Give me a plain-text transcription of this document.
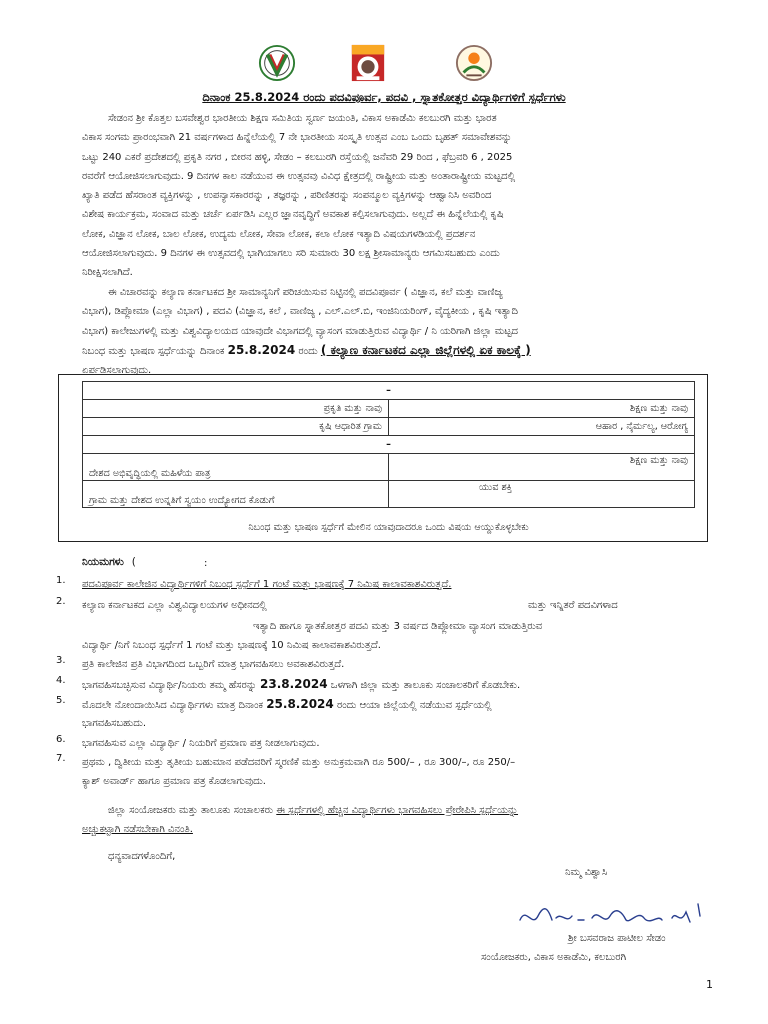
ದಿನಾಂಕ 25.8.2024 ರಂದು ಪದವಿಪೂರ್ವ, ಪದವಿ , ಸ್ನಾತಕೋತ್ತರ ವಿದ್ಯಾರ್ಥಿಗಳಿಗೆ ಸ್ಪರ್ಧೆಗಳು
ಸೇಡಂನ ಶ್ರೀ ಕೊತ್ತಲ ಬಸವೇಶ್ವರ ಭಾರತೀಯ ಶಿಕ್ಷಣ ಸಮಿತಿಯ ಸ್ವರ್ಣ ಜಯಂತಿ, ವಿಕಾಸ ಅಕಾಡೆಮಿ ಕಲಬುರಗಿ ಮತ್ತು ಭಾರತ
ವಿಕಾಸ ಸಂಗಮ ಪ್ರಾರಂಭವಾಗಿ 21 ವರ್ಷಗಳಾದ ಹಿನ್ನೆಲೆಯಲ್ಲಿ 7 ನೇ ಭಾರತೀಯ ಸಂಸ್ಕೃತಿ ಉತ್ಸವ ಎಂಬ ಒಂದು ಬೃಹತ್ ಸಮಾವೇಶವನ್ನು
ಒಟ್ಟು 240 ಎಕರೆ ಪ್ರದೇಶದಲ್ಲಿ ಪ್ರಕೃತಿ ನಗರ , ಬೀರನ ಹಳ್ಳಿ, ಸೇಡಂ – ಕಲಬುರಗಿ ರಸ್ತೆಯಲ್ಲಿ ಜನೆವರಿ 29 ರಿಂದ , ಫೆಬ್ರವರಿ 6 , 2025
ರವರೆಗೆ ಆಯೋಜಿಸಲಾಗುವುದು. 9 ದಿನಗಳ ಕಾಲ ನಡೆಯುವ ಈ ಉತ್ಸವವು ವಿವಿಧ ಕ್ಷೇತ್ರದಲ್ಲಿ ರಾಷ್ಟ್ರೀಯ ಮತ್ತು ಅಂತಾರಾಷ್ಟ್ರೀಯ ಮಟ್ಟದಲ್ಲಿ
ಖ್ಯಾತಿ ಪಡೆದ ಹೆಸರಾಂತ ವ್ಯಕ್ತಿಗಳನ್ನು , ಉಪನ್ಯಾಸಕಾರರನ್ನು , ತಜ್ಞರನ್ನು , ಪರಿಣಿತರನ್ನು ಸಂಪನ್ಮೂಲ ವ್ಯಕ್ತಿಗಳನ್ನು ಆಹ್ವಾನಿಸಿ ಅವರಿಂದ
ವಿಶೇಷ ಕಾರ್ಯಕ್ರಮ, ಸಂವಾದ ಮತ್ತು ಚರ್ಚೆ ಏರ್ಪಡಿಸಿ ಎಲ್ಲರ ಜ್ಞಾನವೃದ್ಧಿಗೆ ಅವಕಾಶ ಕಲ್ಪಿಸಲಾಗುವುದು. ಅಲ್ಲದೆ ಈ ಹಿನ್ನೆಲೆಯಲ್ಲಿ ಕೃಷಿ
ಲೋಕ, ವಿಜ್ಞಾನ ಲೋಕ, ಬಾಲ ಲೋಕ, ಉದ್ಯಮ ಲೋಕ, ಸೇವಾ ಲೋಕ, ಕಲಾ ಲೋಕ ಇತ್ಯಾದಿ ವಿಷಯಗಳಡಿಯಲ್ಲಿ ಪ್ರದರ್ಶನ
ಆಯೋಜಿಸಲಾಗುವುದು. 9 ದಿನಗಳ ಈ ಉತ್ಸವದಲ್ಲಿ ಭಾಗಿಯಾಗಲು ಸರಿ ಸುಮಾರು 30 ಲಕ್ಷ ಶ್ರೀಸಾಮಾನ್ಯರು ಆಗಮಿಸಬಹುದು ಎಂದು
ನಿರೀಕ್ಷಿಸಲಾಗಿದೆ.
ಈ ವಿಚಾರವನ್ನು ಕಲ್ಯಾಣ ಕರ್ನಾಟಕದ ಶ್ರೀ ಸಾಮಾನ್ಯನಿಗೆ ಪರಿಚಯಿಸುವ ನಿಟ್ಟಿನಲ್ಲಿ ಪದವಿಪೂರ್ವ ( ವಿಜ್ಞಾನ, ಕಲೆ ಮತ್ತು ವಾಣಿಜ್ಯ
ವಿಭಾಗ), ಡಿಪ್ಲೋಮಾ (ಎಲ್ಲಾ ವಿಭಾಗ) , ಪದವಿ (ವಿಜ್ಞಾನ, ಕಲೆ , ವಾಣಿಜ್ಯ , ಎಲ್.ಎಲ್.ಬಿ, ಇಂಜಿನಿಯರಿಂಗ್, ವೈದ್ಯಕೀಯ , ಕೃಷಿ ಇತ್ಯಾದಿ
ವಿಭಾಗ) ಕಾಲೇಜುಗಳಲ್ಲಿ ಮತ್ತು ವಿಶ್ವವಿದ್ಯಾಲಯದ ಯಾವುದೇ ವಿಭಾಗದಲ್ಲಿ ವ್ಯಾಸಂಗ ಮಾಡುತ್ತಿರುವ ವಿದ್ಯಾರ್ಥಿ / ನಿ ಯರಿಗಾಗಿ ಜಿಲ್ಲಾ ಮಟ್ಟದ
ನಿಬಂಧ ಮತ್ತು ಭಾಷಣ ಸ್ಪರ್ಧೆಯನ್ನು ದಿನಾಂಕ 25.8.2024 ರಂದು ( ಕಲ್ಯಾಣ ಕರ್ನಾಟಕದ ಎಲ್ಲಾ ಜಿಲ್ಲೆಗಳಲ್ಲಿ ಏಕ ಕಾಲಕ್ಕೆ )
ಏರ್ಪಡಿಸಲಾಗುವುದು.
–	
ಪ್ರಕೃತಿ ಮತ್ತು ನಾವು	ಶಿಕ್ಷಣ ಮತ್ತು ನಾವು
ಕೃಷಿ ಆಧಾರಿತ ಗ್ರಾಮ	ಆಹಾರ , ನೈರ್ಮಲ್ಯ, ಆರೋಗ್ಯ
–	
ದೇಶದ ಅಭಿವೃದ್ಧಿಯಲ್ಲಿ ಮಹಿಳೆಯ ಪಾತ್ರ	ಶಿಕ್ಷಣ ಮತ್ತು ನಾವು
ಗ್ರಾಮ ಮತ್ತು ದೇಶದ ಉನ್ನತಿಗೆ ಸ್ವಯಂ ಉದ್ಯೋಗದ ಕೊಡುಗೆ	ಯುವ ಶಕ್ತಿ
ನಿಬಂಧ ಮತ್ತು ಭಾಷಣ ಸ್ಪರ್ಧೆಗೆ ಮೇಲಿನ ಯಾವುದಾದರೂ ಒಂದು ವಿಷಯ ಆಯ್ದುಕೊಳ್ಳಬೇಕು
ನಿಯಮಗಳು (	:
1. ಪದವಿಪೂರ್ವ ಕಾಲೇಜಿನ ವಿದ್ಯಾರ್ಥಿಗಳಿಗೆ ನಿಬಂಧ ಸ್ಪರ್ಧೆಗೆ 1 ಗಂಟೆ ಮತ್ತು ಭಾಷಣಕ್ಕೆ 7 ನಿಮಿಷ ಕಾಲಾವಕಾಶವಿರುತ್ತದೆ.
2. ಕಲ್ಯಾಣ ಕರ್ನಾಟಕದ ಎಲ್ಲಾ ವಿಶ್ವವಿದ್ಯಾಲಯಗಳ ಅಧೀನದಲ್ಲಿ	ಮತ್ತು ಇನ್ನಿತರೆ ಪದವಿಗಳಾದ
ಇತ್ಯಾದಿ ಹಾಗೂ ಸ್ನಾತಕೋತ್ತರ ಪದವಿ ಮತ್ತು 3 ವರ್ಷದ ಡಿಪ್ಲೋಮಾ ವ್ಯಾಸಂಗ ಮಾಡುತ್ತಿರುವ
ವಿದ್ಯಾರ್ಥಿ /ನಿಗೆ ನಿಬಂಧ ಸ್ಪರ್ಧೆಗೆ 1 ಗಂಟೆ ಮತ್ತು ಭಾಷಣಕ್ಕೆ 10 ನಿಮಿಷ ಕಾಲಾವಕಾಶವಿರುತ್ತದೆ.
3. ಪ್ರತಿ ಕಾಲೇಜಿನ ಪ್ರತಿ ವಿಭಾಗದಿಂದ ಒಬ್ಬರಿಗೆ ಮಾತ್ರ ಭಾಗವಹಿಸಲು ಅವಕಾಶವಿರುತ್ತದೆ.
4. ಭಾಗವಹಿಸಬಚ್ಛಿಸುವ ವಿದ್ಯಾರ್ಥಿ/ನಿಯರು ತಮ್ಮ ಹೆಸರನ್ನು 23.8.2024 ಒಳಗಾಗಿ ಜಿಲ್ಲಾ ಮತ್ತು ತಾಲೂಕು ಸಂಚಾಲಕರಿಗೆ ಕೊಡಬೇಕು.
5. ಮೊದಲೇ ನೋಂದಾಯಿಸಿದ ವಿದ್ಯಾರ್ಥಿಗಳು ಮಾತ್ರ ದಿನಾಂಕ 25.8.2024 ರಂದು ಆಯಾ ಜಿಲ್ಲೆಯಲ್ಲಿ ನಡೆಯುವ ಸ್ಪರ್ಧೆಯಲ್ಲಿ
ಭಾಗವಹಿಸಬಹುದು.
6. ಭಾಗವಹಿಸುವ ಎಲ್ಲಾ ವಿದ್ಯಾರ್ಥಿ / ನಿಯರಿಗೆ ಪ್ರಮಾಣ ಪತ್ರ ನೀಡಲಾಗುವುದು.
7. ಪ್ರಥಮ , ದ್ವಿತೀಯ ಮತ್ತು ತೃತೀಯ ಬಹುಮಾನ ಪಡೆದವರಿಗೆ ಸ್ಮರಣಿಕೆ ಮತ್ತು ಅನುಕ್ರಮವಾಗಿ ರೂ 500/– , ರೂ 300/–, ರೂ 250/–
ಕ್ಯಾಶ್ ಅವಾರ್ಡ್ ಹಾಗೂ ಪ್ರಮಾಣ ಪತ್ರ ಕೊಡಲಾಗುವುದು.
ಜಿಲ್ಲಾ ಸಂಯೋಜಕರು ಮತ್ತು ತಾಲೂಕು ಸಂಚಾಲಕರು ಈ ಸ್ಪರ್ಧೆಗಳಲ್ಲಿ ಹೆಚ್ಚಿನ ವಿದ್ಯಾರ್ಥಿಗಳು ಭಾಗವಹಿಸಲು ಪ್ರೇರೇಪಿಸಿ ಸ್ಪರ್ಧೆಯನ್ನು
ಅಚ್ಚುಕಟ್ಟಾಗಿ ನಡೆಸಬೇಕಾಗಿ ವಿನಂತಿ.
ಧನ್ಯವಾದಗಳೊಂದಿಗೆ,
ನಿಮ್ಮ ವಿಶ್ವಾಸಿ
ಶ್ರೀ ಬಸವರಾಜ ಪಾಟೀಲ ಸೇಡಂ
ಸಂಯೋಜಕರು, ವಿಕಾಸ ಅಕಾಡೆಮಿ, ಕಲಬುರಗಿ
1
